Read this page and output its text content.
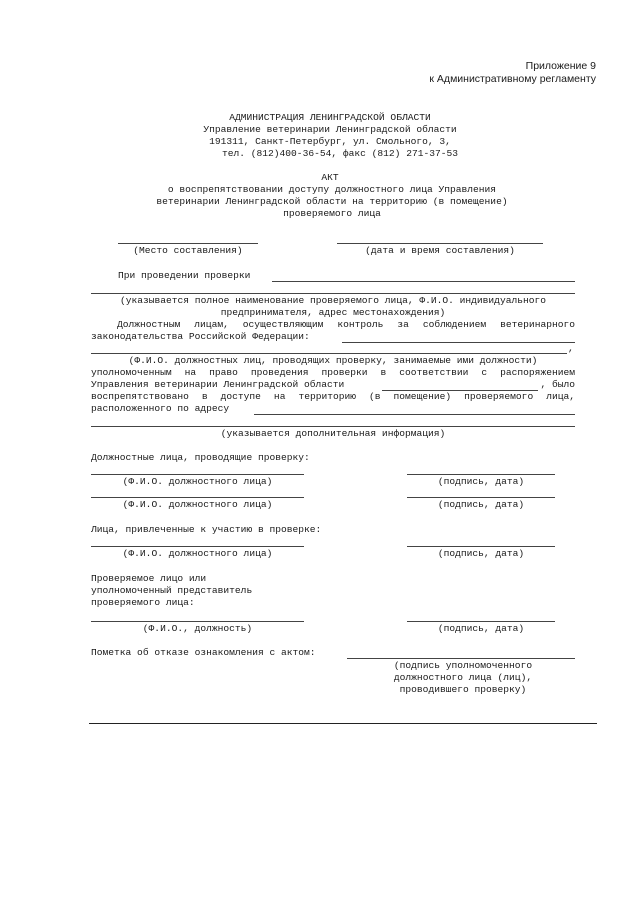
Приложение 9
к Административному регламенту
АДМИНИСТРАЦИЯ ЛЕНИНГРАДСКОЙ ОБЛАСТИ
Управление ветеринарии Ленинградской области
191311, Санкт-Петербург, ул. Смольного, 3,
тел. (812)400-36-54, факс (812) 271-37-53
АКТ
о воспрепятствовании доступу должностного лица Управления
ветеринарии Ленинградской области на территорию (в помещение)
проверяемого лица
(Место составления)	(дата и время составления)
При проведении проверки
(указывается полное наименование проверяемого лица, Ф.И.О. индивидуального
предпринимателя, адрес местонахождения)
Должностным лицам, осуществляющим контроль за соблюдением ветеринарного
законодательства Российской Федерации:
,
(Ф.И.О. должностных лиц, проводящих проверку, занимаемые ими должности)
уполномоченным на право проведения проверки в соответствии с распоряжением
Управления ветеринарии Ленинградской области	, было
воспрепятствовано в доступе на территорию (в помещение) проверяемого лица,
расположенного по адресу
(указывается дополнительная информация)
Должностные лица, проводящие проверку:
(Ф.И.О. должностного лица)	(подпись, дата)
(Ф.И.О. должностного лица)	(подпись, дата)
Лица, привлеченные к участию в проверке:
(Ф.И.О. должностного лица)	(подпись, дата)
Проверяемое лицо или
уполномоченный представитель
проверяемого лица:
(Ф.И.О., должность)	(подпись, дата)
Пометка об отказе ознакомления с актом:
(подпись уполномоченного
должностного лица (лиц),
проводившего проверку)
